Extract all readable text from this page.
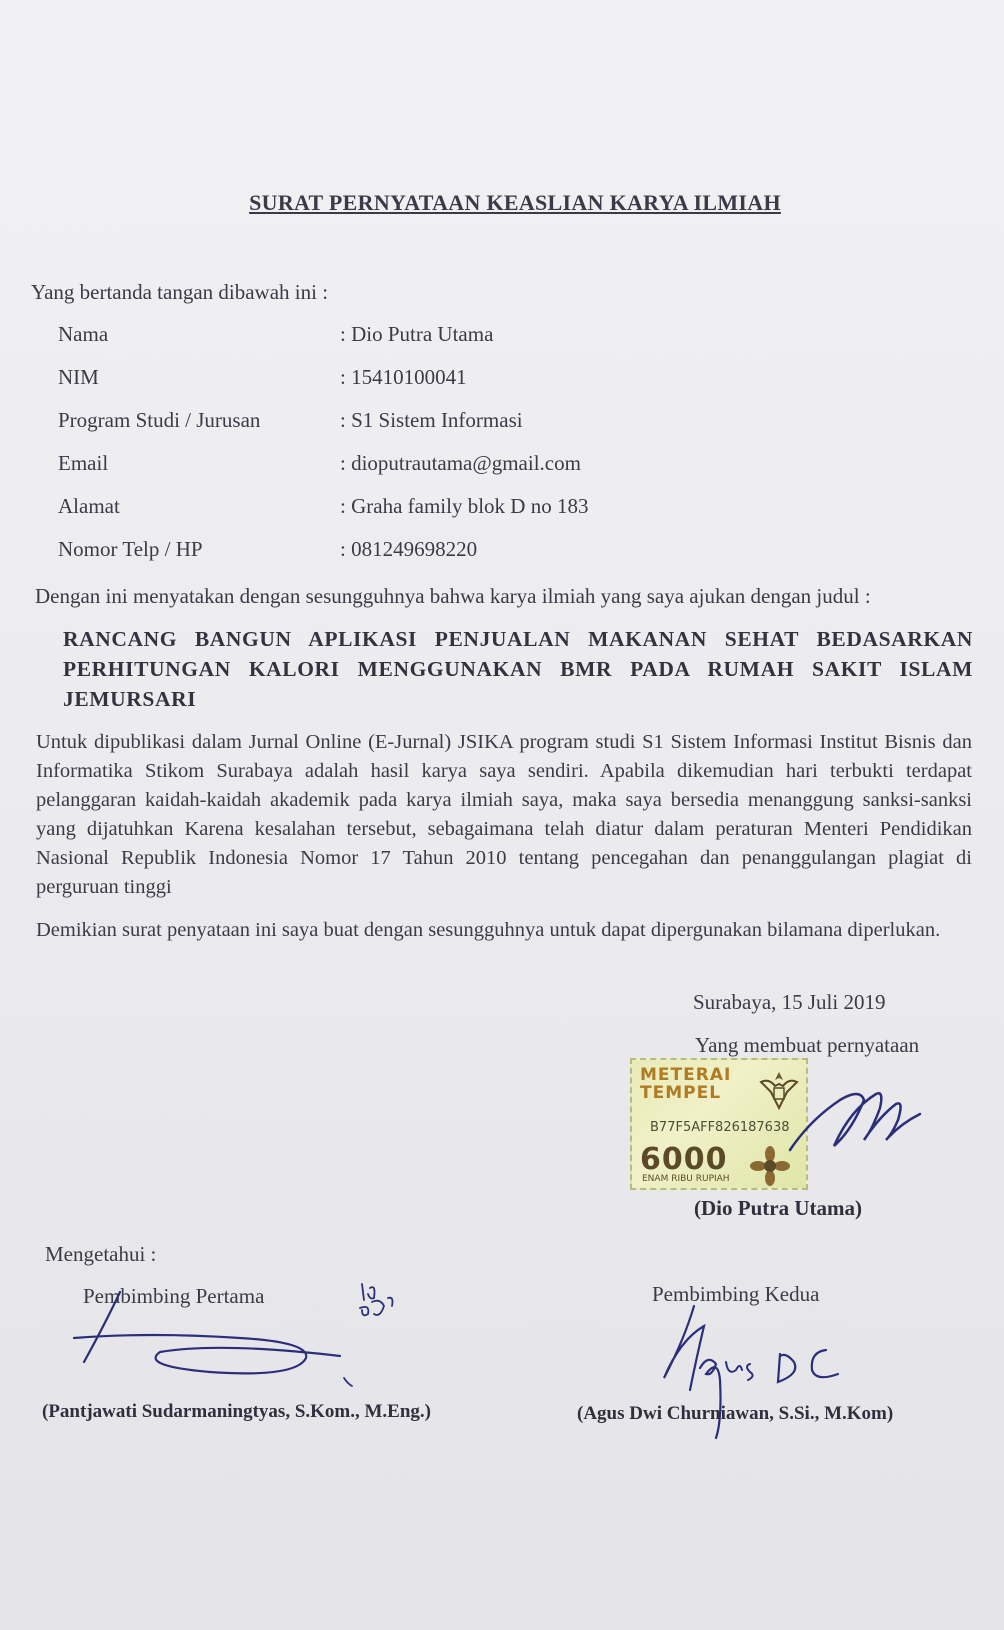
SURAT PERNYATAAN KEASLIAN KARYA ILMIAH
Yang bertanda tangan dibawah ini :
Nama	: Dio Putra Utama
NIM	: 15410100041
Program Studi / Jurusan	: S1 Sistem Informasi
Email	: dioputrautama@gmail.com
Alamat	: Graha family blok D no 183
Nomor Telp / HP	: 081249698220
Dengan ini menyatakan dengan sesungguhnya bahwa karya ilmiah yang saya ajukan dengan judul :
RANCANG BANGUN APLIKASI PENJUALAN MAKANAN SEHAT BEDASARKAN PERHITUNGAN KALORI MENGGUNAKAN BMR PADA RUMAH SAKIT ISLAM JEMURSARI
Untuk dipublikasi dalam Jurnal Online (E-Jurnal) JSIKA program studi S1 Sistem Informasi Institut Bisnis dan Informatika Stikom Surabaya adalah hasil karya saya sendiri. Apabila dikemudian hari terbukti terdapat pelanggaran kaidah-kaidah akademik pada karya ilmiah saya, maka saya bersedia menanggung sanksi-sanksi yang dijatuhkan Karena kesalahan tersebut, sebagaimana telah diatur dalam peraturan Menteri Pendidikan Nasional Republik Indonesia Nomor 17 Tahun 2010 tentang pencegahan dan penanggulangan plagiat di perguruan tinggi
Demikian surat penyataan ini saya buat dengan sesungguhnya untuk dapat dipergunakan bilamana diperlukan.
Surabaya, 15 Juli 2019
Yang membuat pernyataan
METERAI
TEMPEL
B77F5AFF826187638
6000
ENAM RIBU RUPIAH
(Dio Putra Utama)
Mengetahui :
Pembimbing Pertama	Pembimbing Kedua
(Pantjawati Sudarmaningtyas, S.Kom., M.Eng.)	(Agus Dwi Churniawan, S.Si., M.Kom)
